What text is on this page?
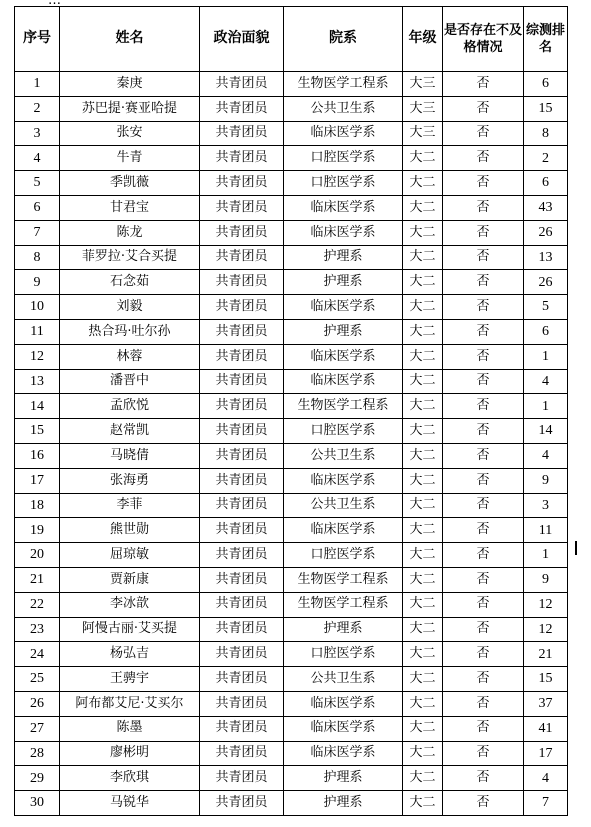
…
序号	姓名	政治面貌	院系	年级	是否存在不及格情况	综测排名
1	秦庚	共青团员	生物医学工程系	大三	否	6
2	苏巴提·赛亚哈提	共青团员	公共卫生系	大三	否	15
3	张安	共青团员	临床医学系	大三	否	8
4	牛青	共青团员	口腔医学系	大二	否	2
5	季凯薇	共青团员	口腔医学系	大二	否	6
6	甘君宝	共青团员	临床医学系	大二	否	43
7	陈龙	共青团员	临床医学系	大二	否	26
8	菲罗拉·艾合买提	共青团员	护理系	大二	否	13
9	石念茹	共青团员	护理系	大二	否	26
10	刘毅	共青团员	临床医学系	大二	否	5
11	热合玛·吐尔孙	共青团员	护理系	大二	否	6
12	林蓉	共青团员	临床医学系	大二	否	1
13	潘晋中	共青团员	临床医学系	大二	否	4
14	孟欣悦	共青团员	生物医学工程系	大二	否	1
15	赵常凯	共青团员	口腔医学系	大二	否	14
16	马晓倩	共青团员	公共卫生系	大二	否	4
17	张海勇	共青团员	临床医学系	大二	否	9
18	李菲	共青团员	公共卫生系	大二	否	3
19	熊世勋	共青团员	临床医学系	大二	否	11
20	屈琼敏	共青团员	口腔医学系	大二	否	1
21	贾新康	共青团员	生物医学工程系	大二	否	9
22	李冰歆	共青团员	生物医学工程系	大二	否	12
23	阿慢古丽·艾买提	共青团员	护理系	大二	否	12
24	杨弘吉	共青团员	口腔医学系	大二	否	21
25	王骋宇	共青团员	公共卫生系	大二	否	15
26	阿布都艾尼·艾买尔	共青团员	临床医学系	大二	否	37
27	陈墨	共青团员	临床医学系	大二	否	41
28	廖彬明	共青团员	临床医学系	大二	否	17
29	李欣琪	共青团员	护理系	大二	否	4
30	马锐华	共青团员	护理系	大二	否	7
